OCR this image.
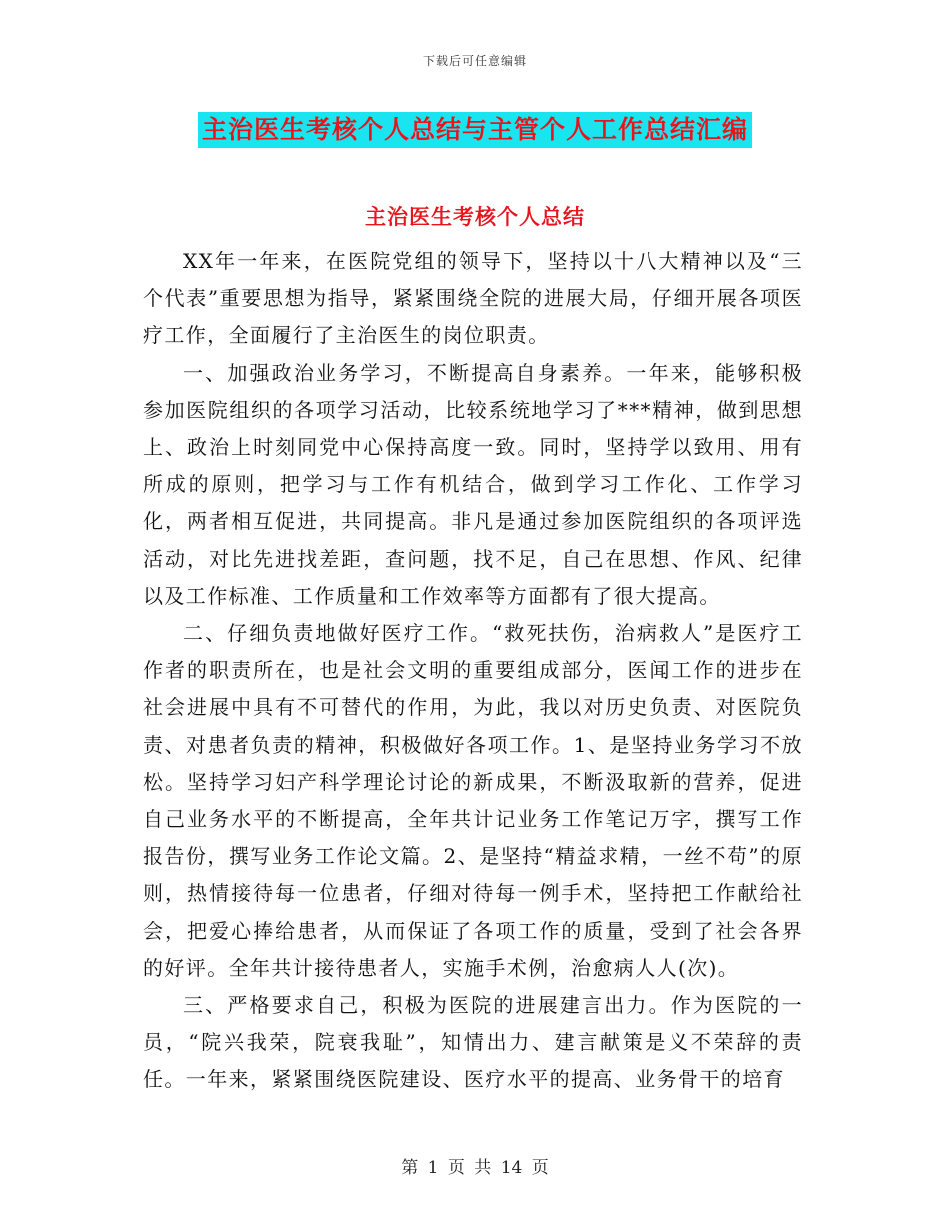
下载后可任意编辑
主治医生考核个人总结与主管个人工作总结汇编
主治医生考核个人总结

XX年一年来，在医院党组的领导下，坚持以十八大精神以及“三个代表”重要思想为指导，紧紧围绕全院的进展大局，仔细开展各项医疗工作，全面履行了主治医生的岗位职责。

一、加强政治业务学习，不断提高自身素养。一年来，能够积极参加医院组织的各项学习活动，比较系统地学习了***精神，做到思想上、政治上时刻同党中心保持高度一致。同时，坚持学以致用、用有所成的原则，把学习与工作有机结合，做到学习工作化、工作学习化，两者相互促进，共同提高。非凡是通过参加医院组织的各项评选活动，对比先进找差距，查问题，找不足，自己在思想、作风、纪律以及工作标准、工作质量和工作效率等方面都有了很大提高。

二、仔细负责地做好医疗工作。“救死扶伤，治病救人”是医疗工作者的职责所在，也是社会文明的重要组成部分，医闻工作的进步在社会进展中具有不可替代的作用，为此，我以对历史负责、对医院负责、对患者负责的精神，积极做好各项工作。1、是坚持业务学习不放松。坚持学习妇产科学理论讨论的新成果，不断汲取新的营养，促进自己业务水平的不断提高，全年共计记业务工作笔记万字，撰写工作报告份，撰写业务工作论文篇。2、是坚持“精益求精，一丝不苟”的原则，热情接待每一位患者，仔细对待每一例手术，坚持把工作献给社会，把爱心捧给患者，从而保证了各项工作的质量，受到了社会各界的好评。全年共计接待患者人，实施手术例，治愈病人人(次)。

三、严格要求自己，积极为医院的进展建言出力。作为医院的一员，“院兴我荣，院衰我耻”，知情出力、建言献策是义不荣辞的责任。一年来，紧紧围绕医院建设、医疗水平的提高、业务骨干的培育

第 1 页 共 14 页
